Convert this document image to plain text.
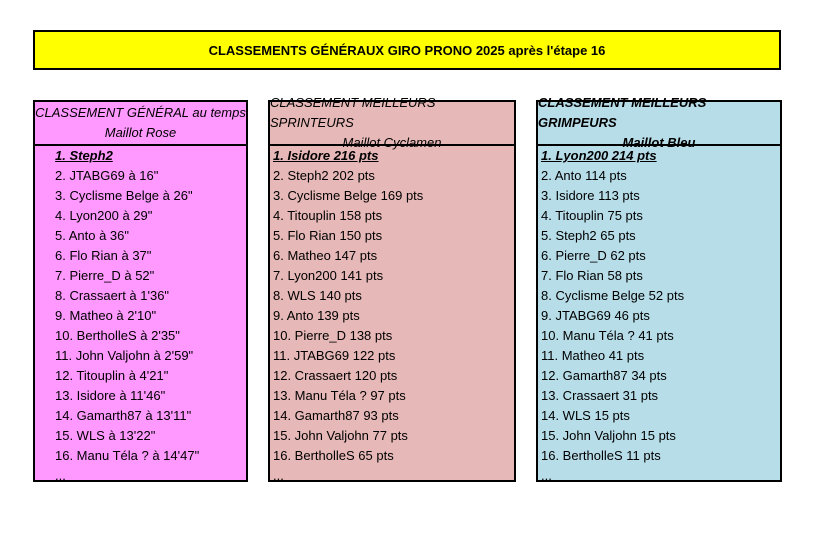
CLASSEMENTS GÉNÉRAUX GIRO PRONO 2025 après l'étape 16
CLASSEMENT GÉNÉRAL au temps
Maillot Rose
1. Steph2
2. JTABG69 à 16"
3. Cyclisme Belge à 26"
4. Lyon200 à 29"
5. Anto à 36"
6. Flo Rian à 37"
7. Pierre_D à 52"
8. Crassaert à 1'36"
9. Matheo à 2'10"
10. BertholleS à 2'35"
11. John Valjohn à 2'59"
12. Titouplin à 4'21"
13. Isidore à 11'46"
14. Gamarth87 à 13'11"
15. WLS à 13'22"
16. Manu Téla ? à 14'47"
...
CLASSEMENT MEILLEURS SPRINTEURS
Maillot Cyclamen
1. Isidore 216 pts
2. Steph2 202 pts
3. Cyclisme Belge 169 pts
4. Titouplin 158 pts
5. Flo Rian 150 pts
6. Matheo 147 pts
7. Lyon200 141 pts
8. WLS 140 pts
9. Anto 139 pts
10. Pierre_D 138 pts
11. JTABG69 122 pts
12. Crassaert 120 pts
13. Manu Téla ? 97 pts
14. Gamarth87 93 pts
15. John Valjohn 77 pts
16. BertholleS 65 pts
...
CLASSEMENT MEILLEURS GRIMPEURS
Maillot Bleu
1. Lyon200 214 pts
2. Anto 114 pts
3. Isidore 113 pts
4. Titouplin 75 pts
5. Steph2 65 pts
6. Pierre_D 62 pts
7. Flo Rian 58 pts
8. Cyclisme Belge 52 pts
9. JTABG69 46 pts
10. Manu Téla ? 41 pts
11. Matheo 41 pts
12. Gamarth87 34 pts
13. Crassaert 31 pts
14. WLS 15 pts
15. John Valjohn 15 pts
16. BertholleS 11 pts
...
